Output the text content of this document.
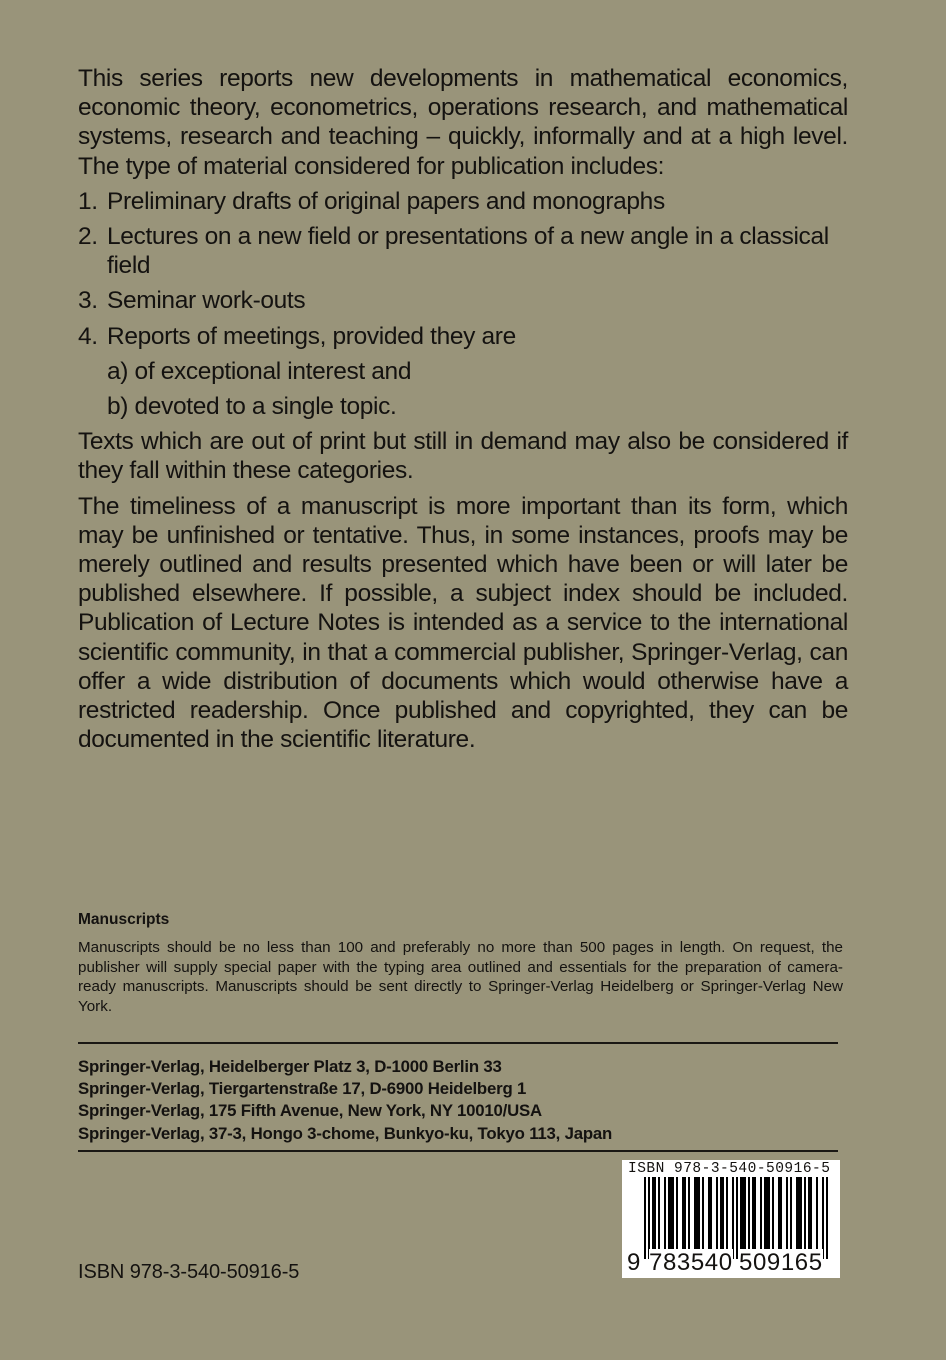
This series reports new developments in mathematical economics, economic theory, econometrics, operations research, and mathematical systems, research and teaching – quickly, informally and at a high level. The type of material considered for publication includes:

1. Preliminary drafts of original papers and monographs
2. Lectures on a new field or presentations of a new angle in a classical field
3. Seminar work-outs
4. Reports of meetings, provided they are
a) of exceptional interest and
b) devoted to a single topic.

Texts which are out of print but still in demand may also be considered if they fall within these categories.

The timeliness of a manuscript is more important than its form, which may be unfinished or tentative. Thus, in some instances, proofs may be merely outlined and results presented which have been or will later be published elsewhere. If possible, a subject index should be included. Publication of Lecture Notes is intended as a service to the international scientific community, in that a commercial publisher, Springer-Verlag, can offer a wide distribution of documents which would otherwise have a restricted readership. Once published and copyrighted, they can be documented in the scientific literature.

Manuscripts

Manuscripts should be no less than 100 and preferably no more than 500 pages in length. On request, the publisher will supply special paper with the typing area outlined and essentials for the preparation of camera-ready manuscripts. Manuscripts should be sent directly to Springer-Verlag Heidelberg or Springer-Verlag New York.

Springer-Verlag, Heidelberger Platz 3, D-1000 Berlin 33
Springer-Verlag, Tiergartenstraße 17, D-6900 Heidelberg 1
Springer-Verlag, 175 Fifth Avenue, New York, NY 10010/USA
Springer-Verlag, 37-3, Hongo 3-chome, Bunkyo-ku, Tokyo 113, Japan
ISBN 978-3-540-50916-5
ISBN 978-3-540-50916-5
9 783540 509165
